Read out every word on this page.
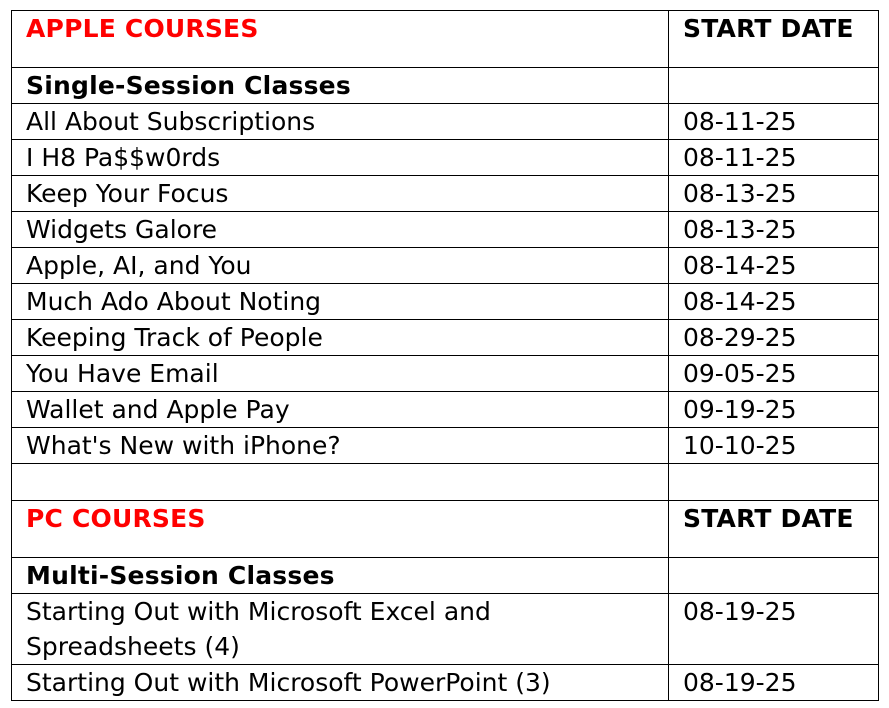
APPLE COURSES	START DATE
Single-Session Classes	
All About Subscriptions	08-11-25
I H8 Pa$$w0rds	08-11-25
Keep Your Focus	08-13-25
Widgets Galore	08-13-25
Apple, AI, and You	08-14-25
Much Ado About Noting	08-14-25
Keeping Track of People	08-29-25
You Have Email	09-05-25
Wallet and Apple Pay	09-19-25
What's New with iPhone?	10-10-25

PC COURSES	START DATE
Multi-Session Classes	
Starting Out with Microsoft Excel and Spreadsheets (4)	08-19-25
Starting Out with Microsoft PowerPoint (3)	08-19-25
